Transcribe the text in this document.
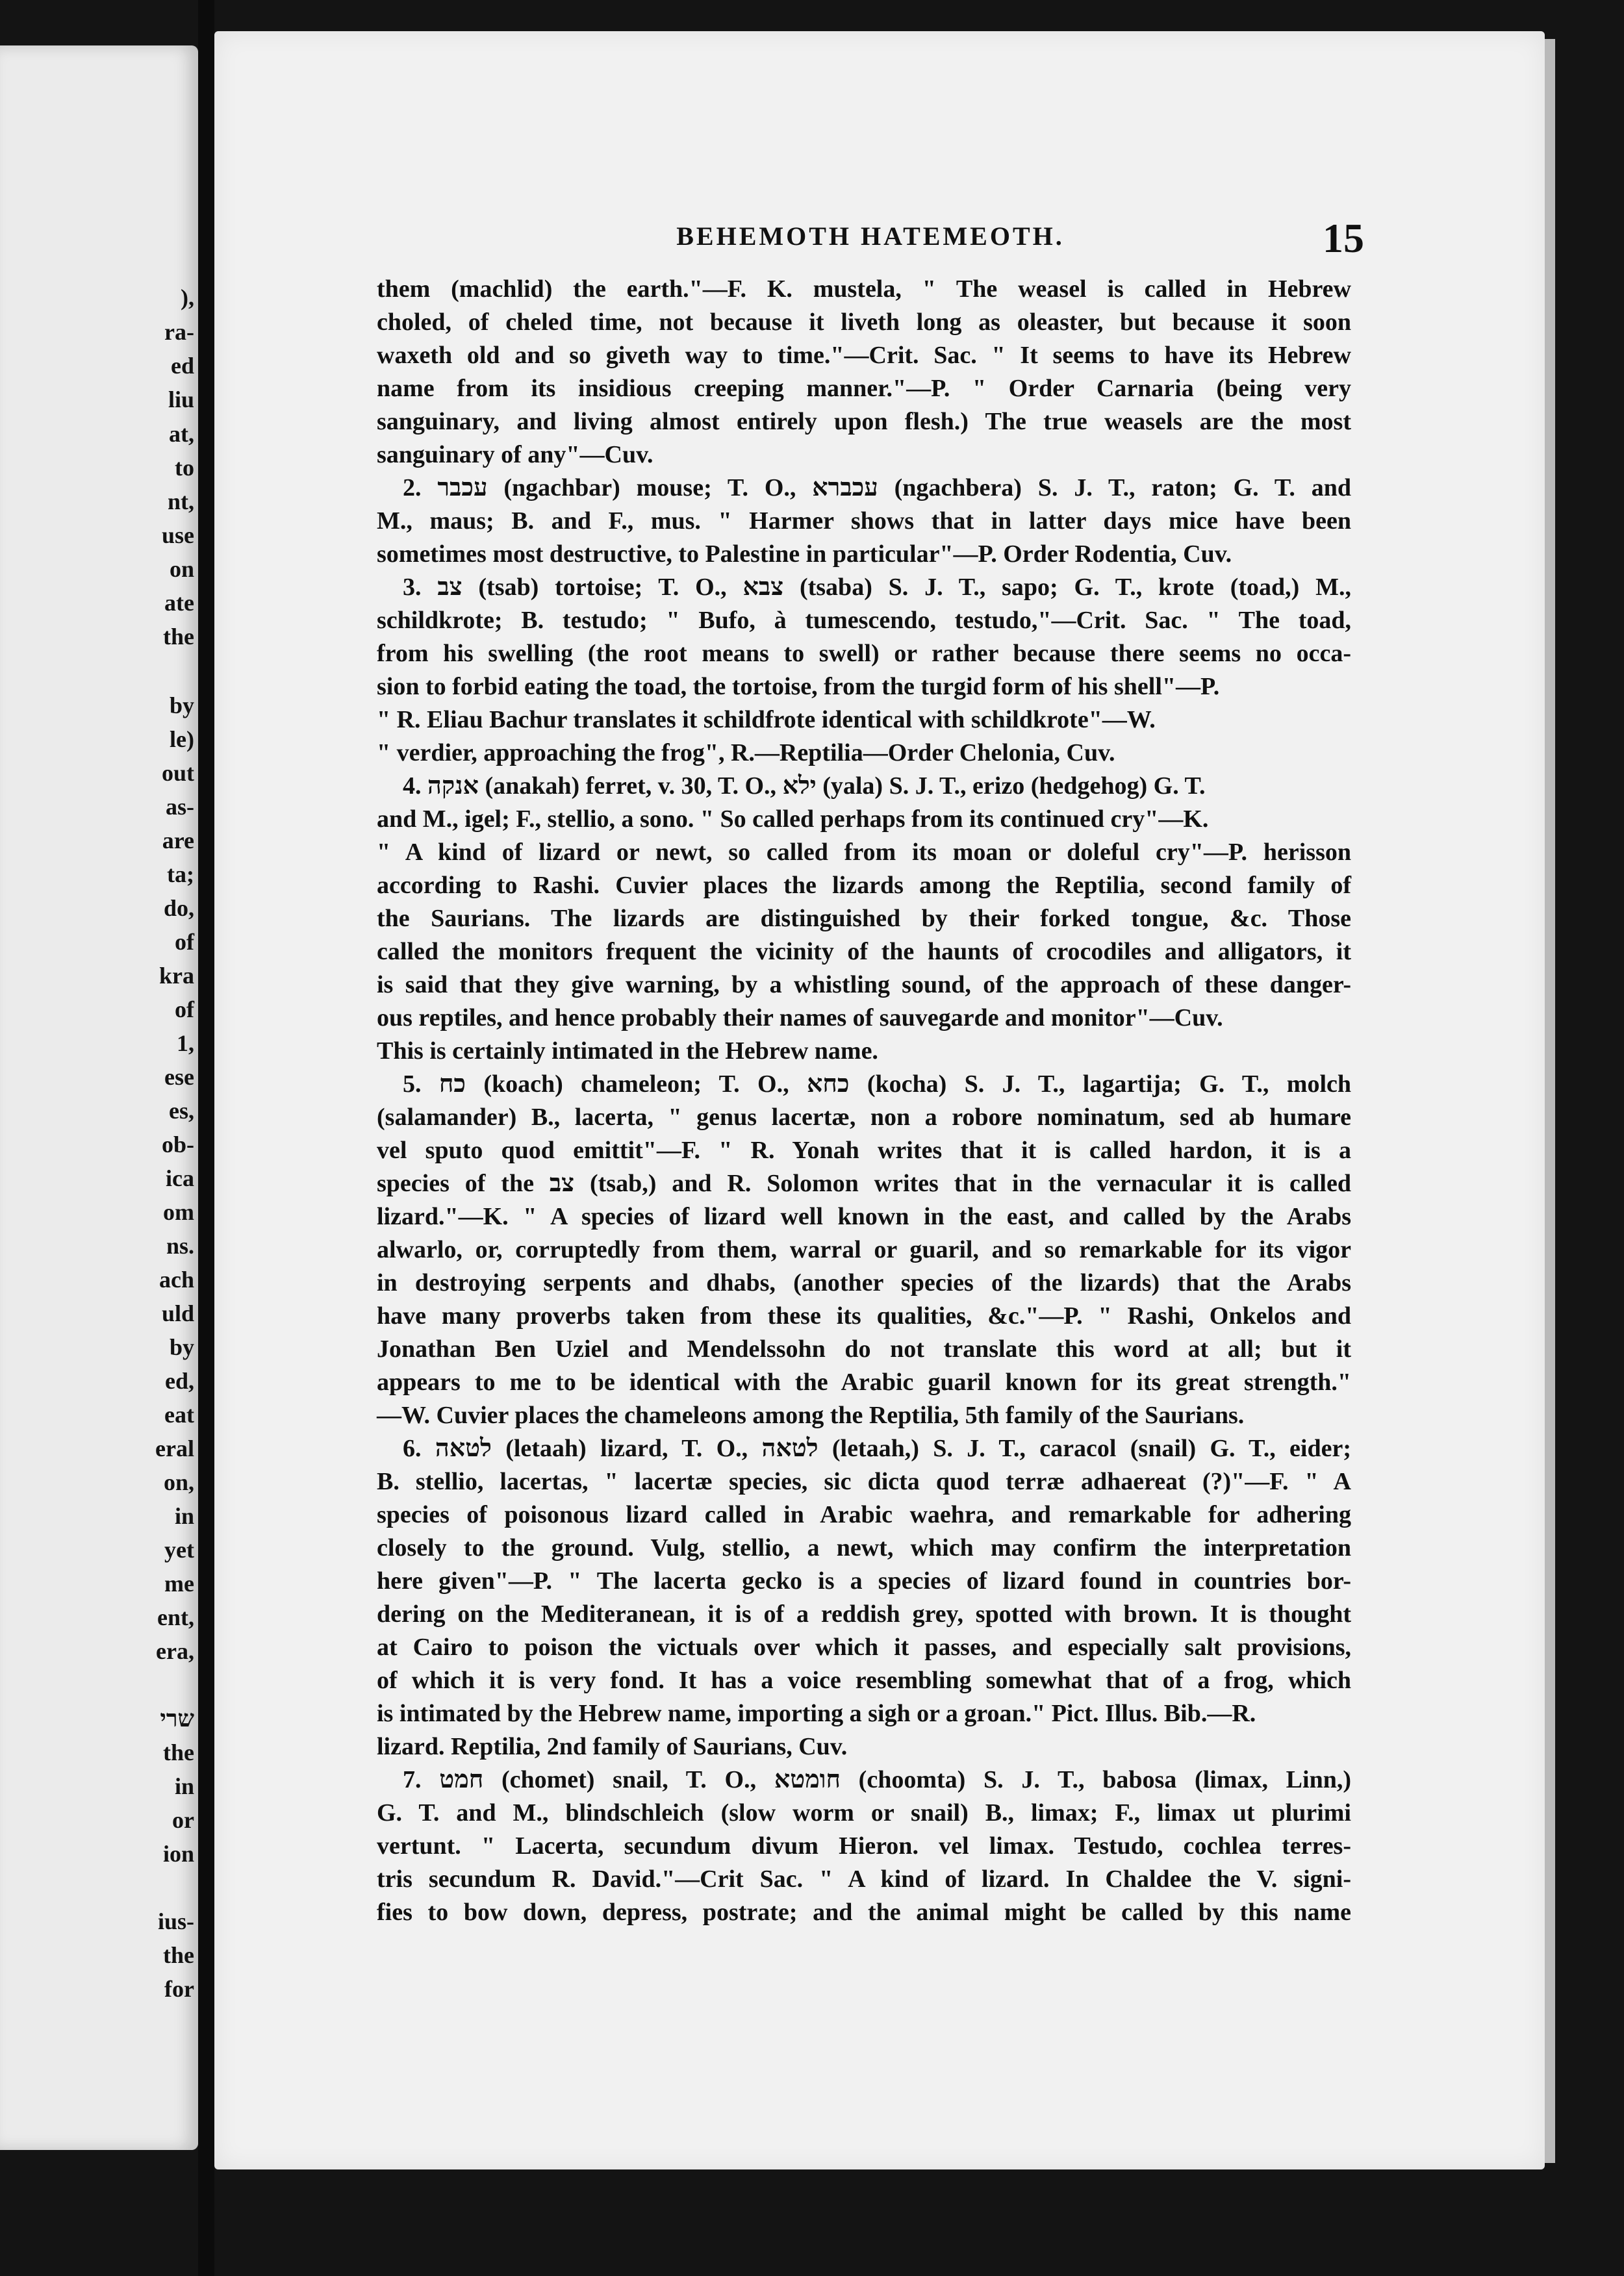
),

ra-

ed

liu

at,

to

nt,

use

on

ate

the

by

le)

out

as-

are

ta;

do,

of

kra

of

1,

ese

es,

ob-

ica

om

ns.

ach

uld

by

ed,

eat

eral

on,

in

yet

me

ent,

era,

שרי

the

in

or

ion

ius-

the

for

BEHEMOTH HATEMEOTH.	15

them (machlid) the earth."—F. K. mustela, " The weasel is called in Hebrew

choled, of cheled time, not because it liveth long as oleaster, but because it soon

waxeth old and so giveth way to time."—Crit. Sac. " It seems to have its Hebrew

name from its insidious creeping manner."—P. " Order Carnaria (being very

sanguinary, and living almost entirely upon flesh.) The true weasels are the most

sanguinary of any"—Cuv.

2. עכבר (ngachbar) mouse; T. O., עכברא (ngachbera) S. J. T., raton; G. T. and

M., maus; B. and F., mus. " Harmer shows that in latter days mice have been

sometimes most destructive, to Palestine in particular"—P. Order Rodentia, Cuv.

3. צב (tsab) tortoise; T. O., צבא (tsaba) S. J. T., sapo; G. T., krote (toad,) M.,

schildkrote; B. testudo; " Bufo, à tumescendo, testudo,"—Crit. Sac. " The toad,

from his swelling (the root means to swell) or rather because there seems no occa-

sion to forbid eating the toad, the tortoise, from the turgid form of his shell"—P.

" R. Eliau Bachur translates it schildfrote identical with schildkrote"—W.

" verdier, approaching the frog", R.—Reptilia—Order Chelonia, Cuv.

4. אנקה (anakah) ferret, v. 30, T. O., ילא (yala) S. J. T., erizo (hedgehog) G. T.

and M., igel; F., stellio, a sono. " So called perhaps from its continued cry"—K.

" A kind of lizard or newt, so called from its moan or doleful cry"—P. herisson

according to Rashi. Cuvier places the lizards among the Reptilia, second family of

the Saurians. The lizards are distinguished by their forked tongue, &c. Those

called the monitors frequent the vicinity of the haunts of crocodiles and alligators, it

is said that they give warning, by a whistling sound, of the approach of these danger-

ous reptiles, and hence probably their names of sauvegarde and monitor"—Cuv.

This is certainly intimated in the Hebrew name.

5. כח (koach) chameleon; T. O., כחא (kocha) S. J. T., lagartija; G. T., molch

(salamander) B., lacerta, " genus lacertæ, non a robore nominatum, sed ab humare

vel sputo quod emittit"—F. " R. Yonah writes that it is called hardon, it is a

species of the צב (tsab,) and R. Solomon writes that in the vernacular it is called

lizard."—K. " A species of lizard well known in the east, and called by the Arabs

alwarlo, or, corruptedly from them, warral or guaril, and so remarkable for its vigor

in destroying serpents and dhabs, (another species of the lizards) that the Arabs

have many proverbs taken from these its qualities, &c."—P. " Rashi, Onkelos and

Jonathan Ben Uziel and Mendelssohn do not translate this word at all; but it

appears to me to be identical with the Arabic guaril known for its great strength."

—W. Cuvier places the chameleons among the Reptilia, 5th family of the Saurians.

6. לטאה (letaah) lizard, T. O., לטאה (letaah,) S. J. T., caracol (snail) G. T., eider;

B. stellio, lacertas, " lacertæ species, sic dicta quod terræ adhaereat (?)"—F. " A

species of poisonous lizard called in Arabic waehra, and remarkable for adhering

closely to the ground. Vulg, stellio, a newt, which may confirm the interpretation

here given"—P. " The lacerta gecko is a species of lizard found in countries bor-

dering on the Mediteranean, it is of a reddish grey, spotted with brown. It is thought

at Cairo to poison the victuals over which it passes, and especially salt provisions,

of which it is very fond. It has a voice resembling somewhat that of a frog, which

is intimated by the Hebrew name, importing a sigh or a groan." Pict. Illus. Bib.—R.

lizard. Reptilia, 2nd family of Saurians, Cuv.

7. חמט (chomet) snail, T. O., חומטא (choomta) S. J. T., babosa (limax, Linn,)

G. T. and M., blindschleich (slow worm or snail) B., limax; F., limax ut plurimi

vertunt. " Lacerta, secundum divum Hieron. vel limax. Testudo, cochlea terres-

tris secundum R. David."—Crit Sac. " A kind of lizard. In Chaldee the V. signi-

fies to bow down, depress, postrate; and the animal might be called by this name
